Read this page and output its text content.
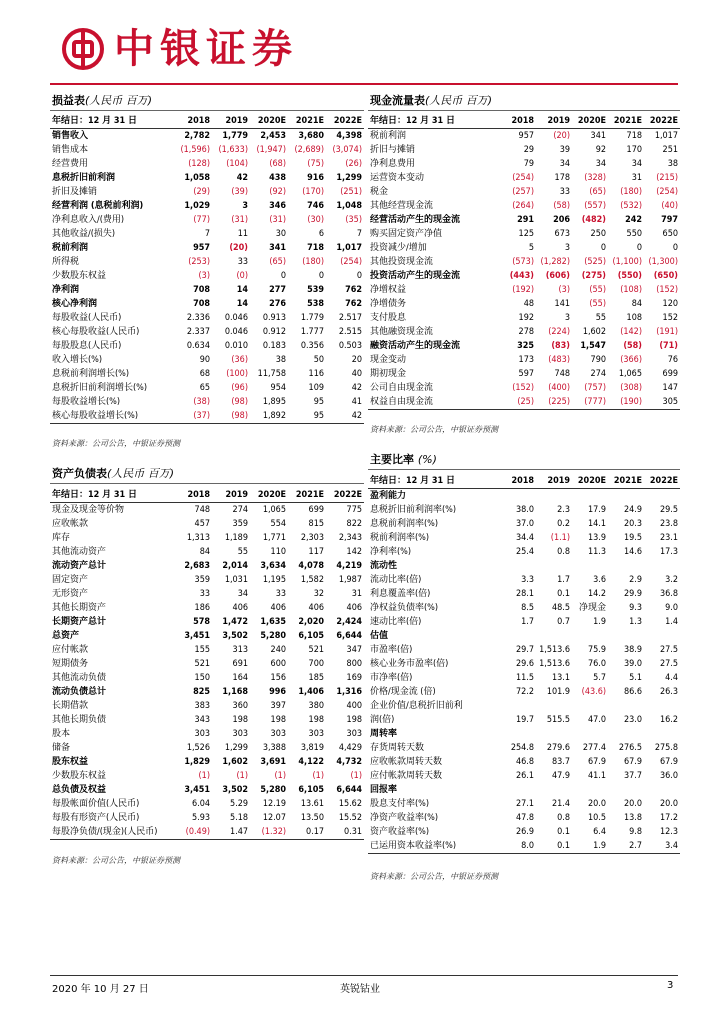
中银证券
损益表(人民币 百万)
年结日：12 月 31 日	2018	2019	2020E	2021E	2022E
销售收入	2,782	1,779	2,453	3,680	4,398
销售成本	(1,596)	(1,633)	(1,947)	(2,689)	(3,074)
经营费用	(128)	(104)	(68)	(75)	(26)
息税折旧前利润	1,058	42	438	916	1,299
折旧及摊销	(29)	(39)	(92)	(170)	(251)
经营利润 (息税前利润)	1,029	3	346	746	1,048
净利息收入/(费用)	(77)	(31)	(31)	(30)	(35)
其他收益/(损失)	7	11	30	6	7
税前利润	957	(20)	341	718	1,017
所得税	(253)	33	(65)	(180)	(254)
少数股东权益	(3)	(0)	0	0	0
净利润	708	14	277	539	762
核心净利润	708	14	276	538	762
每股收益(人民币)	2.336	0.046	0.913	1.779	2.517
核心每股收益(人民币)	2.337	0.046	0.912	1.777	2.515
每股股息(人民币)	0.634	0.010	0.183	0.356	0.503
收入增长(%)	90	(36)	38	50	20
息税前利润增长(%)	68	(100)	11,758	116	40
息税折旧前利润增长(%)	65	(96)	954	109	42
每股收益增长(%)	(38)	(98)	1,895	95	41
核心每股收益增长(%)	(37)	(98)	1,892	95	42
资料来源：公司公告，中银证券预测
资产负债表(人民币 百万)
年结日：12 月 31 日	2018	2019	2020E	2021E	2022E
现金及现金等价物	748	274	1,065	699	775
应收帐款	457	359	554	815	822
库存	1,313	1,189	1,771	2,303	2,343
其他流动资产	84	55	110	117	142
流动资产总计	2,683	2,014	3,634	4,078	4,219
固定资产	359	1,031	1,195	1,582	1,987
无形资产	33	34	33	32	31
其他长期资产	186	406	406	406	406
长期资产总计	578	1,472	1,635	2,020	2,424
总资产	3,451	3,502	5,280	6,105	6,644
应付帐款	155	313	240	521	347
短期债务	521	691	600	700	800
其他流动负债	150	164	156	185	169
流动负债总计	825	1,168	996	1,406	1,316
长期借款	383	360	397	380	400
其他长期负债	343	198	198	198	198
股本	303	303	303	303	303
储备	1,526	1,299	3,388	3,819	4,429
股东权益	1,829	1,602	3,691	4,122	4,732
少数股东权益	(1)	(1)	(1)	(1)	(1)
总负债及权益	3,451	3,502	5,280	6,105	6,644
每股帐面价值(人民币)	6.04	5.29	12.19	13.61	15.62
每股有形资产(人民币)	5.93	5.18	12.07	13.50	15.52
每股净负债/(现金)(人民币)	(0.49)	1.47	(1.32)	0.17	0.31
资料来源：公司公告，中银证券预测
现金流量表(人民币 百万)
年结日：12 月 31 日	2018	2019	2020E	2021E	2022E
税前利润	957	(20)	341	718	1,017
折旧与摊销	29	39	92	170	251
净利息费用	79	34	34	34	38
运营资本变动	(254)	178	(328)	31	(215)
税金	(257)	33	(65)	(180)	(254)
其他经营现金流	(264)	(58)	(557)	(532)	(40)
经营活动产生的现金流	291	206	(482)	242	797
购买固定资产净值	125	673	250	550	650
投资减少/增加	5	3	0	0	0
其他投资现金流	(573)	(1,282)	(525)	(1,100)	(1,300)
投资活动产生的现金流	(443)	(606)	(275)	(550)	(650)
净增权益	(192)	(3)	(55)	(108)	(152)
净增债务	48	141	(55)	84	120
支付股息	192	3	55	108	152
其他融资现金流	278	(224)	1,602	(142)	(191)
融资活动产生的现金流	325	(83)	1,547	(58)	(71)
现金变动	173	(483)	790	(366)	76
期初现金	597	748	274	1,065	699
公司自由现金流	(152)	(400)	(757)	(308)	147
权益自由现金流	(25)	(225)	(777)	(190)	305
资料来源：公司公告，中银证券预测
主要比率 (%)
年结日：12 月 31 日	2018	2019	2020E	2021E	2022E
盈利能力					
息税折旧前利润率(%)	38.0	2.3	17.9	24.9	29.5
息税前利润率(%)	37.0	0.2	14.1	20.3	23.8
税前利润率(%)	34.4	(1.1)	13.9	19.5	23.1
净利率(%)	25.4	0.8	11.3	14.6	17.3
流动性					
流动比率(倍)	3.3	1.7	3.6	2.9	3.2
利息覆盖率(倍)	28.1	0.1	14.2	29.9	36.8
净权益负债率(%)	8.5	48.5	净现金	9.3	9.0
速动比率(倍)	1.7	0.7	1.9	1.3	1.4
估值					
市盈率(倍)	29.7	1,513.6	75.9	38.9	27.5
核心业务市盈率(倍)	29.6	1,513.6	76.0	39.0	27.5
市净率(倍)	11.5	13.1	5.7	5.1	4.4
价格/现金流 (倍)	72.2	101.9	(43.6)	86.6	26.3
企业价值/息税折旧前利					
润(倍)	19.7	515.5	47.0	23.0	16.2
周转率					
存货周转天数	254.8	279.6	277.4	276.5	275.8
应收帐款周转天数	46.8	83.7	67.9	67.9	67.9
应付帐款周转天数	26.1	47.9	41.1	37.7	36.0
回报率					
股息支付率(%)	27.1	21.4	20.0	20.0	20.0
净资产收益率(%)	47.8	0.8	10.5	13.8	17.2
资产收益率(%)	26.9	0.1	6.4	9.8	12.3
已运用资本收益率(%)	8.0	0.1	1.9	2.7	3.4
资料来源：公司公告，中银证券预测
2020 年 10 月 27 日	英锐钴业	3
